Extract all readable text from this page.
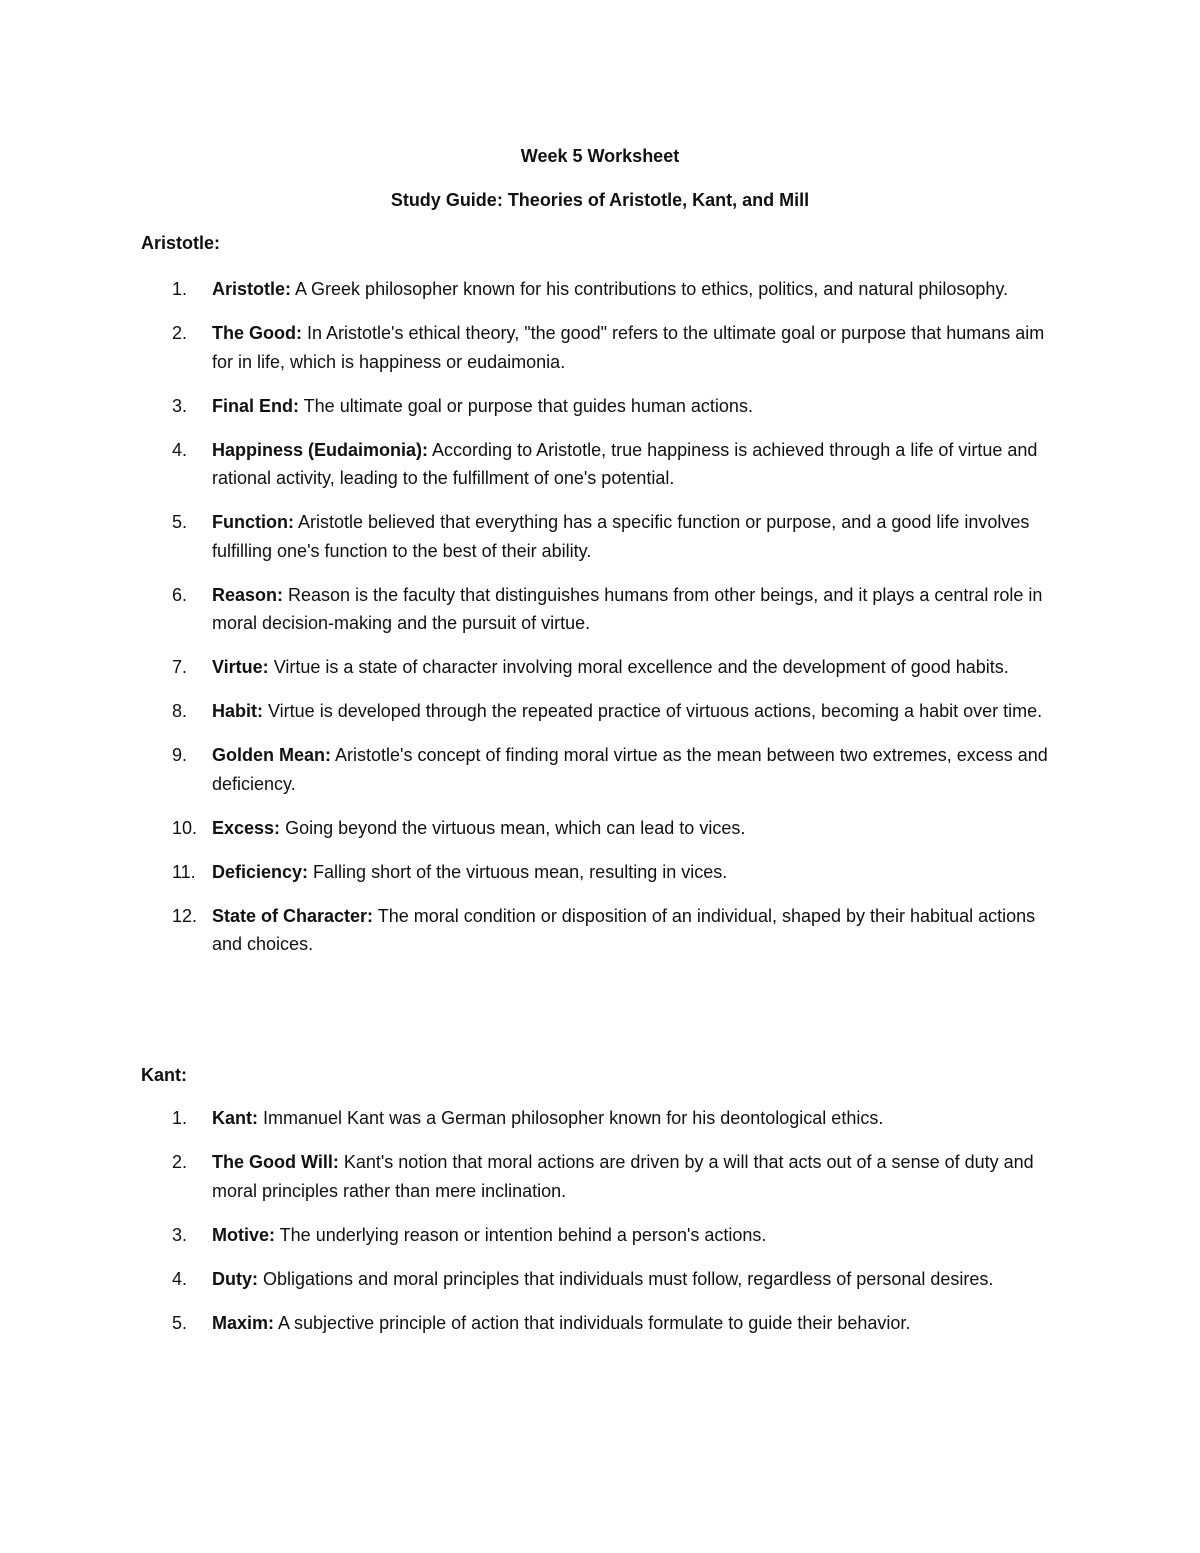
Week 5 Worksheet
Study Guide: Theories of Aristotle, Kant, and Mill
Aristotle:
1. Aristotle: A Greek philosopher known for his contributions to ethics, politics, and natural philosophy.
2. The Good: In Aristotle's ethical theory, "the good" refers to the ultimate goal or purpose that humans aim for in life, which is happiness or eudaimonia.
3. Final End: The ultimate goal or purpose that guides human actions.
4. Happiness (Eudaimonia): According to Aristotle, true happiness is achieved through a life of virtue and rational activity, leading to the fulfillment of one's potential.
5. Function: Aristotle believed that everything has a specific function or purpose, and a good life involves fulfilling one's function to the best of their ability.
6. Reason: Reason is the faculty that distinguishes humans from other beings, and it plays a central role in moral decision-making and the pursuit of virtue.
7. Virtue: Virtue is a state of character involving moral excellence and the development of good habits.
8. Habit: Virtue is developed through the repeated practice of virtuous actions, becoming a habit over time.
9. Golden Mean: Aristotle's concept of finding moral virtue as the mean between two extremes, excess and deficiency.
10. Excess: Going beyond the virtuous mean, which can lead to vices.
11. Deficiency: Falling short of the virtuous mean, resulting in vices.
12. State of Character: The moral condition or disposition of an individual, shaped by their habitual actions and choices.
Kant:
1. Kant: Immanuel Kant was a German philosopher known for his deontological ethics.
2. The Good Will: Kant's notion that moral actions are driven by a will that acts out of a sense of duty and moral principles rather than mere inclination.
3. Motive: The underlying reason or intention behind a person's actions.
4. Duty: Obligations and moral principles that individuals must follow, regardless of personal desires.
5. Maxim: A subjective principle of action that individuals formulate to guide their behavior.
